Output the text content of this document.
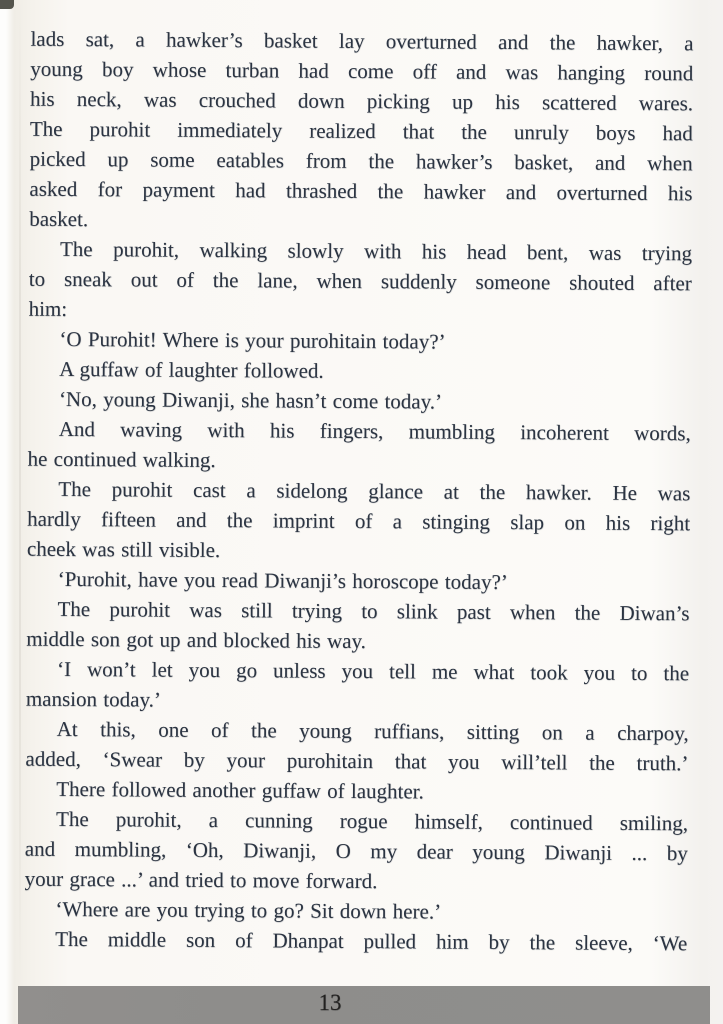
lads sat, a hawker’s basket lay overturned and the hawker, a
young boy whose turban had come off and was hanging round
his neck, was crouched down picking up his scattered wares.
The purohit immediately realized that the unruly boys had
picked up some eatables from the hawker’s basket, and when
asked for payment had thrashed the hawker and overturned his
basket.
The purohit, walking slowly with his head bent, was trying
to sneak out of the lane, when suddenly someone shouted after
him:
‘O Purohit! Where is your purohitain today?’
A guffaw of laughter followed.
‘No, young Diwanji, she hasn’t come today.’
And waving with his fingers, mumbling incoherent words,
he continued walking.
The purohit cast a sidelong glance at the hawker. He was
hardly fifteen and the imprint of a stinging slap on his right
cheek was still visible.
‘Purohit, have you read Diwanji’s horoscope today?’
The purohit was still trying to slink past when the Diwan’s
middle son got up and blocked his way.
‘I won’t let you go unless you tell me what took you to the
mansion today.’
At this, one of the young ruffians, sitting on a charpoy,
added, ‘Swear by your purohitain that you will’tell the truth.’
There followed another guffaw of laughter.
The purohit, a cunning rogue himself, continued smiling,
and mumbling, ‘Oh, Diwanji, O my dear young Diwanji ... by
your grace ...’ and tried to move forward.
‘Where are you trying to go? Sit down here.’
The middle son of Dhanpat pulled him by the sleeve, ‘We
13
